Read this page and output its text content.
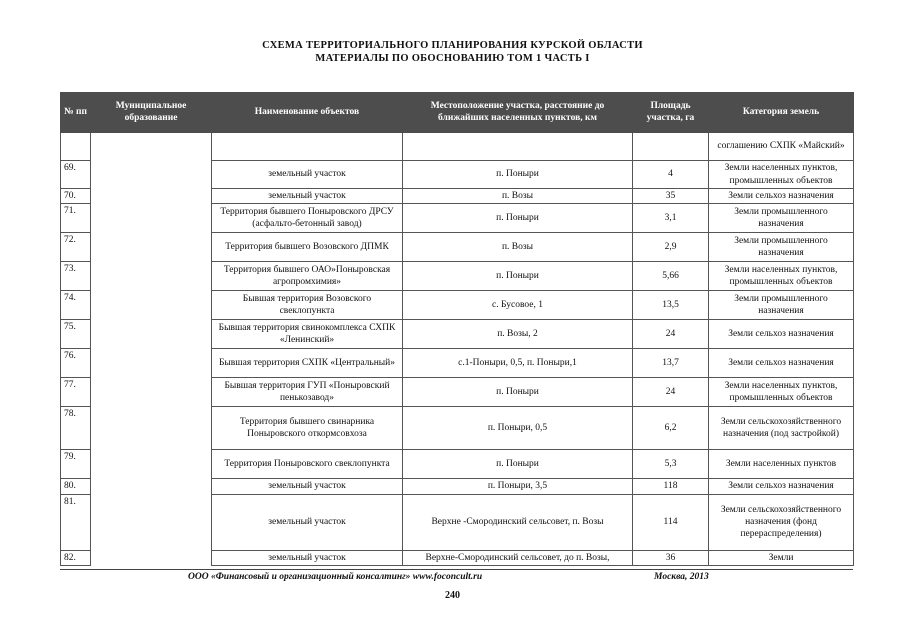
СХЕМА ТЕРРИТОРИАЛЬНОГО ПЛАНИРОВАНИЯ КУРСКОЙ ОБЛАСТИ
МАТЕРИАЛЫ ПО ОБОСНОВАНИЮ ТОМ 1 ЧАСТЬ I
№ пп	Муниципальное образование	Наименование объектов	Местоположение участка, расстояние до ближайших населенных пунктов, км	Площадь участка, га	Категория земель
					соглашению СХПК «Майский»
69.		земельный участок	п. Поныри	4	Земли населенных пунктов, промышленных объектов
70.		земельный участок	п. Возы	35	Земли сельхоз назначения
71.		Территория бывшего Поныровского ДРСУ (асфальто-бетонный завод)	п. Поныри	3,1	Земли промышленного назначения
72.		Территория бывшего Возовского ДПМК	п. Возы	2,9	Земли промышленного назначения
73.		Территория бывшего ОАО»Поныровская агропромхимия»	п. Поныри	5,66	Земли населенных пунктов, промышленных объектов
74.		Бывшая территория Возовского свеклопункта	с. Бусовое, 1	13,5	Земли промышленного назначения
75.		Бывшая территория свинокомплекса СХПК «Ленинский»	п. Возы, 2	24	Земли сельхоз назначения
76.		Бывшая территория СХПК «Центральный»	с.1-Поныри, 0,5, п. Поныри,1	13,7	Земли сельхоз назначения
77.		Бывшая территория ГУП «Поныровский пенькозавод»	п. Поныри	24	Земли населенных пунктов, промышленных объектов
78.		Территория бывшего свинарника Поныровского откормсовхоза	п. Поныри, 0,5	6,2	Земли сельскохозяйственного назначения (под застройкой)
79.		Территория Поныровского свеклопункта	п. Поныри	5,3	Земли населенных пунктов
80.		земельный участок	п. Поныри, 3,5	118	Земли сельхоз назначения
81.		земельный участок	Верхне -Смородинский сельсовет, п. Возы	114	Земли сельскохозяйственного назначения (фонд перераспределения)
82.		земельный участок	Верхне-Смородинский сельсовет, до п. Возы,	36	Земли
ООО «Финансовый и организационный консалтинг» www.foconcult.ru	Москва, 2013
240
